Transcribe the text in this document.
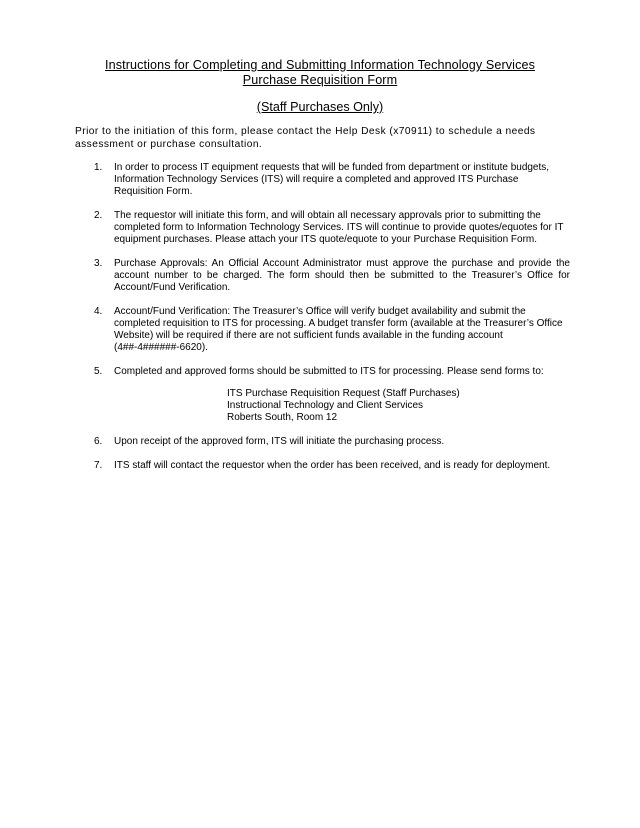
Instructions for Completing and Submitting Information Technology Services
Purchase Requisition Form
(Staff Purchases Only)
Prior to the initiation of this form, please contact the Help Desk (x70911) to schedule a needs assessment or purchase consultation.
1. In order to process IT equipment requests that will be funded from department or institute budgets, Information Technology Services (ITS) will require a completed and approved ITS Purchase Requisition Form.
2. The requestor will initiate this form, and will obtain all necessary approvals prior to submitting the completed form to Information Technology Services. ITS will continue to provide quotes/equotes for IT equipment purchases. Please attach your ITS quote/equote to your Purchase Requisition Form.
3. Purchase Approvals: An Official Account Administrator must approve the purchase and provide the account number to be charged. The form should then be submitted to the Treasurer’s Office for Account/Fund Verification.
4. Account/Fund Verification: The Treasurer’s Office will verify budget availability and submit the completed requisition to ITS for processing. A budget transfer form (available at the Treasurer’s Office Website) will be required if there are not sufficient funds available in the funding account (4##-4######-6620).
5. Completed and approved forms should be submitted to ITS for processing. Please send forms to:
ITS Purchase Requisition Request (Staff Purchases)
Instructional Technology and Client Services
Roberts South, Room 12
6. Upon receipt of the approved form, ITS will initiate the purchasing process.
7. ITS staff will contact the requestor when the order has been received, and is ready for deployment.
